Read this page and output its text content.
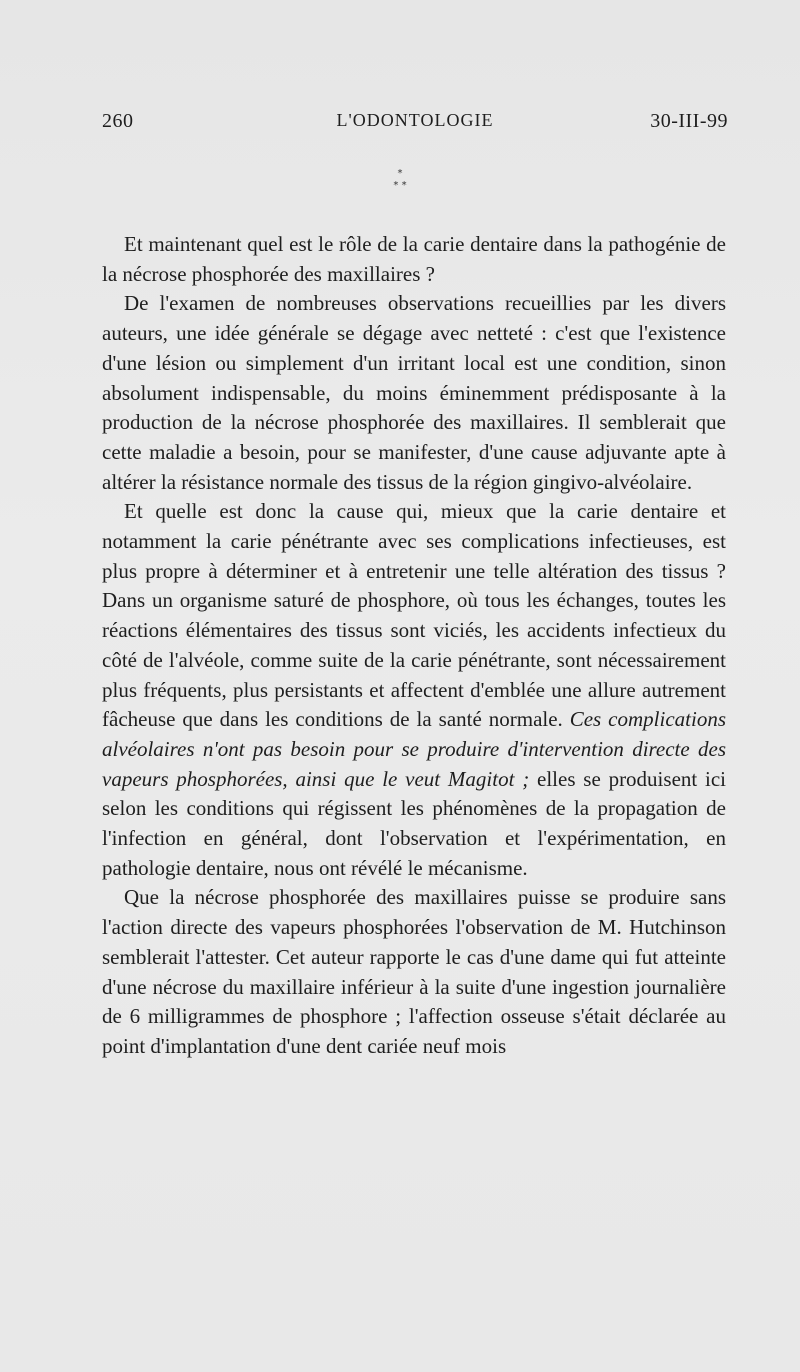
260	L'ODONTOLOGIE	30-III-99
*
* *

Et maintenant quel est le rôle de la carie dentaire dans la pathogénie de la nécrose phosphorée des maxillaires ?

De l'examen de nombreuses observations recueillies par les divers auteurs, une idée générale se dégage avec netteté : c'est que l'existence d'une lésion ou simplement d'un irritant local est une condition, sinon absolument indispensable, du moins éminemment prédisposante à la production de la nécrose phosphorée des maxillaires. Il semblerait que cette maladie a besoin, pour se manifester, d'une cause adjuvante apte à altérer la résistance normale des tissus de la région gingivo-alvéolaire.

Et quelle est donc la cause qui, mieux que la carie dentaire et notamment la carie pénétrante avec ses complications infectieuses, est plus propre à déterminer et à entretenir une telle altération des tissus ? Dans un organisme saturé de phosphore, où tous les échanges, toutes les réactions élémentaires des tissus sont viciés, les accidents infectieux du côté de l'alvéole, comme suite de la carie pénétrante, sont nécessairement plus fréquents, plus persistants et affectent d'emblée une allure autrement fâcheuse que dans les conditions de la santé normale. Ces complications alvéolaires n'ont pas besoin pour se produire d'intervention directe des vapeurs phosphorées, ainsi que le veut Magitot ; elles se produisent ici selon les conditions qui régissent les phénomènes de la propagation de l'infection en général, dont l'observation et l'expérimentation, en pathologie dentaire, nous ont révélé le mécanisme.

Que la nécrose phosphorée des maxillaires puisse se produire sans l'action directe des vapeurs phosphorées l'observation de M. Hutchinson semblerait l'attester. Cet auteur rapporte le cas d'une dame qui fut atteinte d'une nécrose du maxillaire inférieur à la suite d'une ingestion journalière de 6 milligrammes de phosphore ; l'affection osseuse s'était déclarée au point d'implantation d'une dent cariée neuf mois
